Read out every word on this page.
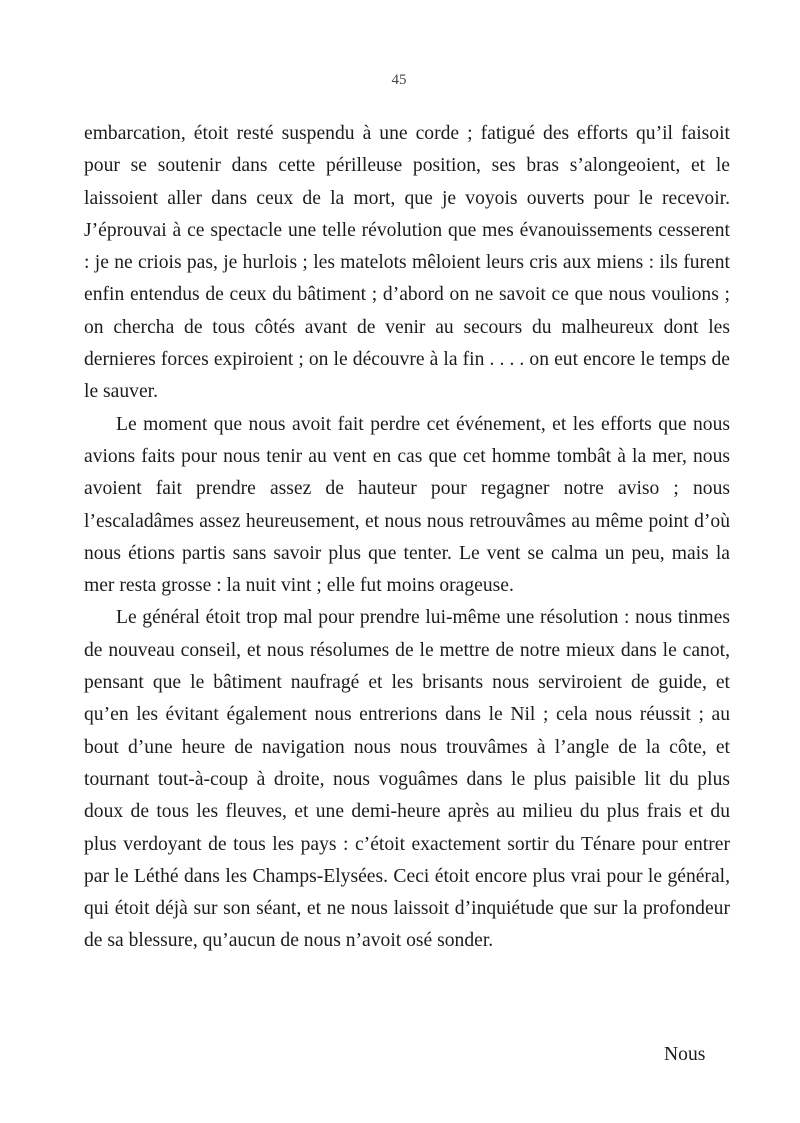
45

embarcation, étoit resté suspendu à une corde ; fatigué des efforts qu’il faisoit pour se soutenir dans cette périlleuse position, ses bras s’alongeoient, et le laissoient aller dans ceux de la mort, que je voyois ouverts pour le recevoir. J’éprouvai à ce spectacle une telle révolution que mes évanouissements cesserent : je ne criois pas, je hurlois ; les matelots mêloient leurs cris aux miens : ils furent enfin entendus de ceux du bâtiment ; d’abord on ne savoit ce que nous voulions ; on chercha de tous côtés avant de venir au secours du malheureux dont les dernieres forces expiroient ; on le découvre à la fin . . . . on eut encore le temps de le sauver.

Le moment que nous avoit fait perdre cet événement, et les efforts que nous avions faits pour nous tenir au vent en cas que cet homme tombât à la mer, nous avoient fait prendre assez de hauteur pour regagner notre aviso ; nous l’escaladâmes assez heureusement, et nous nous retrouvâmes au même point d’où nous étions partis sans savoir plus que tenter. Le vent se calma un peu, mais la mer resta grosse : la nuit vint ; elle fut moins orageuse.

Le général étoit trop mal pour prendre lui-même une résolution : nous tinmes de nouveau conseil, et nous résolumes de le mettre de notre mieux dans le canot, pensant que le bâtiment naufragé et les brisants nous serviroient de guide, et qu’en les évitant également nous entrerions dans le Nil ; cela nous réussit ; au bout d’une heure de navigation nous nous trouvâmes à l’angle de la côte, et tournant tout-à-coup à droite, nous voguâmes dans le plus paisible lit du plus doux de tous les fleuves, et une demi-heure après au milieu du plus frais et du plus verdoyant de tous les pays : c’étoit exactement sortir du Ténare pour entrer par le Léthé dans les Champs-Elysées. Ceci étoit encore plus vrai pour le général, qui étoit déjà sur son séant, et ne nous laissoit d’inquiétude que sur la profondeur de sa blessure, qu’aucun de nous n’avoit osé sonder.

Nous
